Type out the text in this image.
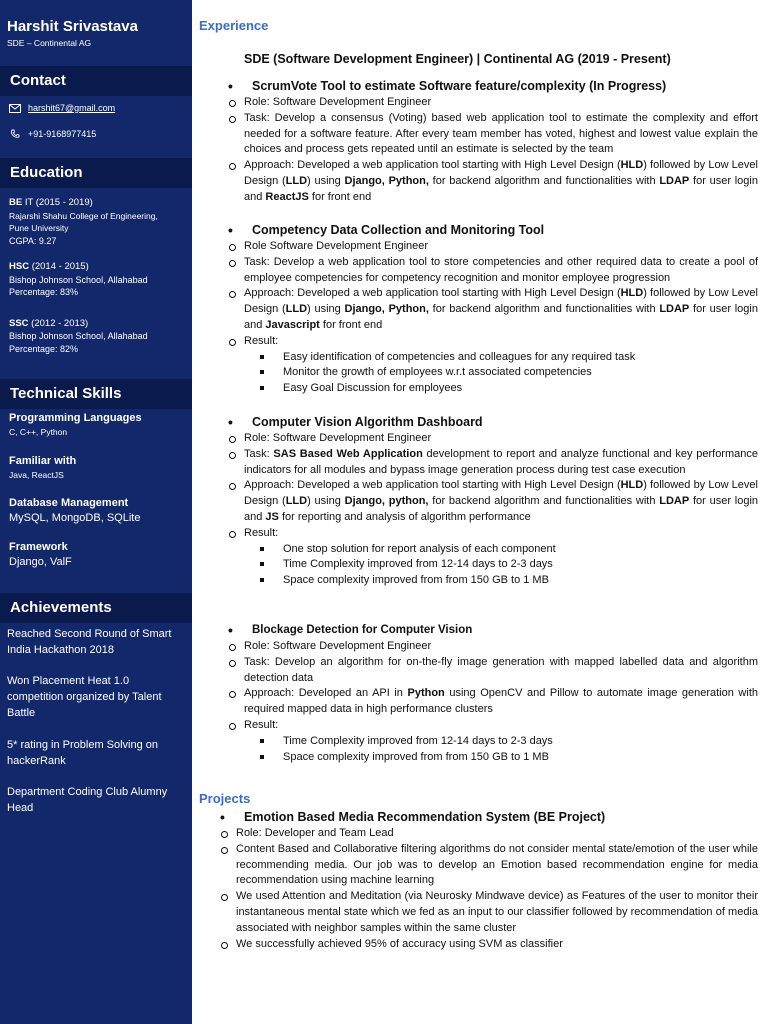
Harshit Srivastava
SDE – Continental AG
Contact
harshit67@gmail.com
+91-9168977415
Education
BE IT (2015 - 2019)
Rajarshi Shahu College of Engineering,
Pune University
CGPA: 9.27
HSC (2014 - 2015)
Bishop Johnson School, Allahabad
Percentage: 83%
SSC (2012 - 2013)
Bishop Johnson School, Allahabad
Percentage: 82%
Technical Skills
Programming Languages
C, C++, Python
Familiar with
Java, ReactJS
Database Management
MySQL, MongoDB, SQLite
Framework
Django, ValF
Achievements
Reached Second Round of Smart India Hackathon 2018
Won Placement Heat 1.0 competition organized by Talent Battle
5* rating in Problem Solving on hackerRank
Department Coding Club Alumny Head
Experience
SDE (Software Development Engineer) | Continental AG (2019 - Present)
• ScrumVote Tool to estimate Software feature/complexity (In Progress)
Role: Software Development Engineer
Task: Develop a consensus (Voting) based web application tool to estimate the complexity and effort needed for a software feature. After every team member has voted, highest and lowest value explain the choices and process gets repeated until an estimate is selected by the team
Approach: Developed a web application tool starting with High Level Design (HLD) followed by Low Level Design (LLD) using Django, Python, for backend algorithm and functionalities with LDAP for user login and ReactJS for front end
• Competency Data Collection and Monitoring Tool
Role Software Development Engineer
Task: Develop a web application tool to store competencies and other required data to create a pool of employee competencies for competency recognition and monitor employee progression
Approach: Developed a web application tool starting with High Level Design (HLD) followed by Low Level Design (LLD) using Django, Python, for backend algorithm and functionalities with LDAP for user login and Javascript for front end
Result:
Easy identification of competencies and colleagues for any required task
Monitor the growth of employees w.r.t associated competencies
Easy Goal Discussion for employees
• Computer Vision Algorithm Dashboard
Role: Software Development Engineer
Task: SAS Based Web Application development to report and analyze functional and key performance indicators for all modules and bypass image generation process during test case execution
Approach: Developed a web application tool starting with High Level Design (HLD) followed by Low Level Design (LLD) using Django, python, for backend algorithm and functionalities with LDAP for user login and JS for reporting and analysis of algorithm performance
Result:
One stop solution for report analysis of each component
Time Complexity improved from 12-14 days to 2-3 days
Space complexity improved from from 150 GB to 1 MB
• Blockage Detection for Computer Vision
Role: Software Development Engineer
Task: Develop an algorithm for on-the-fly image generation with mapped labelled data and algorithm detection data
Approach: Developed an API in Python using OpenCV and Pillow to automate image generation with required mapped data in high performance clusters
Result:
Time Complexity improved from 12-14 days to 2-3 days
Space complexity improved from from 150 GB to 1 MB
Projects
• Emotion Based Media Recommendation System (BE Project)
Role: Developer and Team Lead
Content Based and Collaborative filtering algorithms do not consider mental state/emotion of the user while recommending media. Our job was to develop an Emotion based recommendation engine for media recommendation using machine learning
We used Attention and Meditation (via Neurosky Mindwave device) as Features of the user to monitor their instantaneous mental state which we fed as an input to our classifier followed by recommendation of media associated with neighbor samples within the same cluster
We successfully achieved 95% of accuracy using SVM as classifier
